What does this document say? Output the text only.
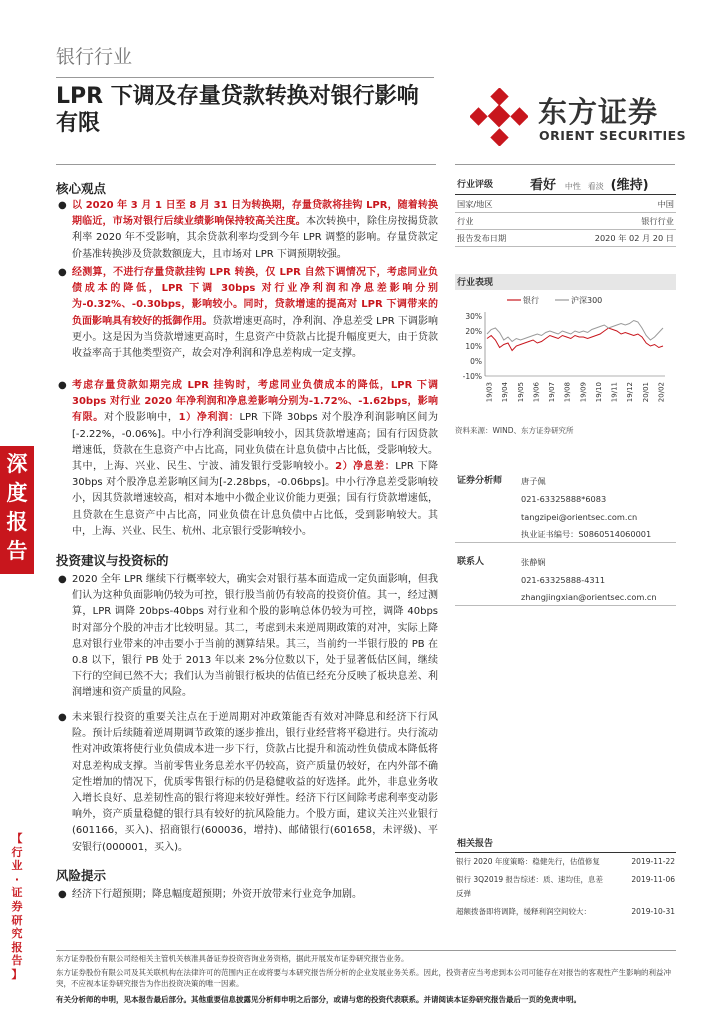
银行行业
LPR 下调及存量贷款转换对银行影响
有限	东方证券
ORIENT SECURITIES
深
度
报
告
【
行
业
·
证
券
研
究
报
告
】
核心观点
● 以 2020 年 3 月 1 日至 8 月 31 日为转换期，存量贷款将挂钩 LPR，随着转换期临近，市场对银行后续业绩影响保持较高关注度。本次转换中，除住房按揭贷款利率 2020 年不受影响，其余贷款利率均受到今年 LPR 调整的影响。存量贷款定价基准转换涉及贷款数额庞大，且市场对 LPR 下调预期较强。
● 经测算，不进行存量贷款挂钩 LPR 转换，仅 LPR 自然下调情况下，考虑同业负债成本的降低，LPR 下调 30bps 对行业净利润和净息差影响分别为-0.32%、-0.30bps，影响较小。同时，贷款增速的提高对 LPR 下调带来的负面影响具有较好的抵御作用。贷款增速更高时，净利润、净息差受 LPR 下调影响更小。这是因为当贷款增速更高时，生息资产中贷款占比提升幅度更大，由于贷款收益率高于其他类型资产，故会对净利润和净息差构成一定支撑。
● 考虑存量贷款如期完成 LPR 挂钩时，考虑同业负债成本的降低，LPR 下调 30bps 对行业 2020 年净利润和净息差影响分别为-1.72%、-1.62bps，影响有限。对个股影响中，1）净利润：LPR 下降 30bps 对个股净利润影响区间为[-2.22%，-0.06%]。中小行净利润受影响较小，因其贷款增速高；国有行因贷款增速低，贷款在生息资产中占比高，同业负债在计息负债中占比低，受影响较大。其中，上海、兴业、民生、宁波、浦发银行受影响较小。2）净息差：LPR 下降 30bps 对个股净息差影响区间为[-2.28bps，-0.06bps]。中小行净息差受影响较小，因其贷款增速较高，相对本地中小微企业议价能力更强；国有行贷款增速低，且贷款在生息资产中占比高，同业负债在计息负债中占比低，受到影响较大。其中，上海、兴业、民生、杭州、北京银行受影响较小。
投资建议与投资标的
● 2020 全年 LPR 继续下行概率较大，确实会对银行基本面造成一定负面影响，但我们认为这种负面影响仍较为可控，银行股当前仍有较高的投资价值。其一，经过测算，LPR 调降 20bps-40bps 对行业和个股的影响总体仍较为可控，调降 40bps 时对部分个股的冲击才比较明显。其二，考虑到未来逆周期政策的对冲，实际上降息对银行业带来的冲击要小于当前的测算结果。其三，当前约一半银行股的 PB 在 0.8 以下，银行 PB 处于 2013 年以来 2%分位数以下，处于显著低估区间，继续下行的空间已然不大；我们认为当前银行板块的估值已经充分反映了板块息差、利润增速和资产质量的风险。
● 未来银行投资的重要关注点在于逆周期对冲政策能否有效对冲降息和经济下行风险。预计后续随着逆周期调节政策的逐步推出，银行业经营将平稳进行。央行流动性对冲政策将使行业负债成本进一步下行，贷款占比提升和流动性负债成本降低将对息差构成支撑。当前零售业务息差水平仍较高，资产质量仍较好，在内外部不确定性增加的情况下，优质零售银行标的仍是稳健收益的好选择。此外，非息业务收入增长良好、息差韧性高的银行将迎来较好弹性。经济下行区间除考虑利率变动影响外，资产质量稳健的银行具有较好的抗风险能力。个股方面，建议关注兴业银行(601166，买入)、招商银行(600036，增持)、邮储银行(601658，未评级)、平安银行(000001，买入)。
风险提示
● 经济下行超预期；降息幅度超预期；外资开放带来行业竞争加剧。
行业评级	看好 中性 看淡 (维持)
国家/地区	中国
行业	银行行业
报告发布日期	2020 年 02 月 20 日
行业表现
银行	沪深300
30%
20%
10%
0%
-10%
19/03 19/04 19/05 19/06 19/07 19/08 19/09 19/10 19/11 19/12 20/01 20/02
资料来源：WIND、东方证券研究所
证券分析师 唐子佩
021-63325888*6083
tangzipei@orientsec.com.cn
执业证书编号：S0860514060001
联系人	张静娴
021-63325888-4311
zhangjingxian@orientsec.com.cn
相关报告
银行 2020 年度策略：稳健先行，估值修复	2019-11-22
银行 3Q2019 报告综述：质、速均佳，息差	2019-11-06
反弹
超额拨备即将调降，缓释利润空间较大：	2019-10-31
东方证券股份有限公司经相关主管机关核准具备证券投资咨询业务资格，据此开展发布证券研究报告业务。
东方证券股份有限公司及其关联机构在法律许可的范围内正在或将要与本研究报告所分析的企业发展业务关系。因此，投资者应当考虑到本公司可能存在对报告的客观性产生影响的利益冲突，不应视本证券研究报告为作出投资决策的唯一因素。
有关分析师的申明，见本报告最后部分。其他重要信息披露见分析师申明之后部分，或请与您的投资代表联系。并请阅读本证券研究报告最后一页的免责申明。
